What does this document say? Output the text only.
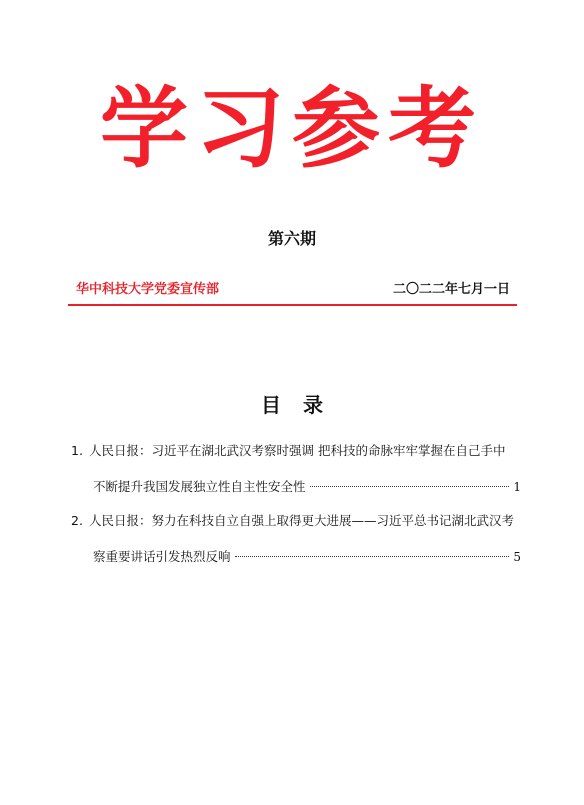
学习参考

第六期

华中科技大学党委宣传部	二〇二二年七月一日
目录
1. 人民日报：习近平在湖北武汉考察时强调 把科技的命脉牢牢掌握在自己手中
不断提升我国发展独立性自主性安全性	1
2. 人民日报：努力在科技自立自强上取得更大进展——习近平总书记湖北武汉考
察重要讲话引发热烈反响	5
